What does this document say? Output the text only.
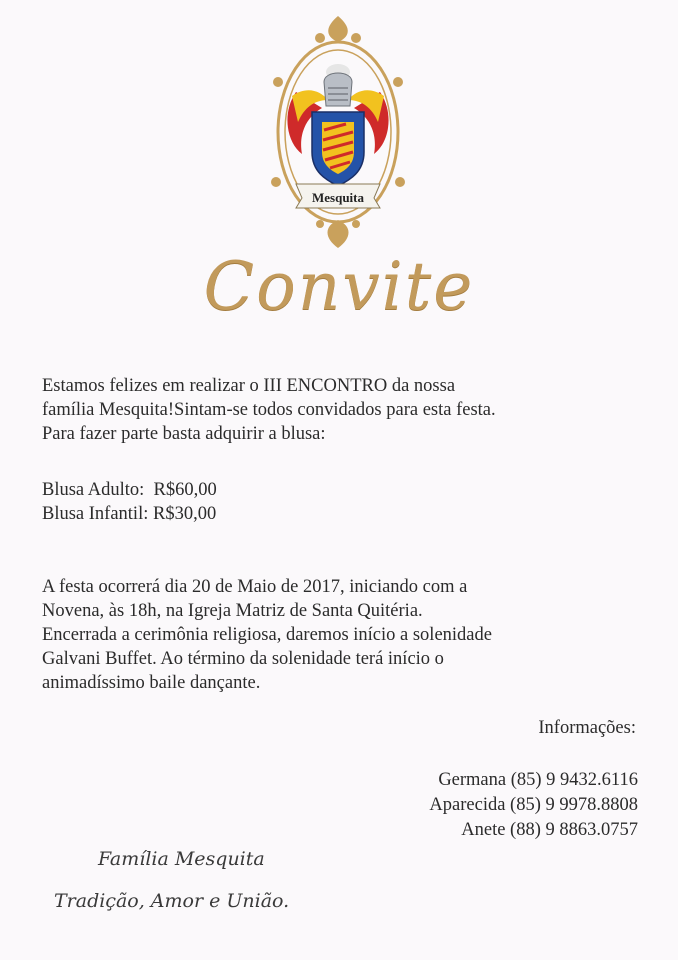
Mesquita
Convite

Estamos felizes em realizar o III ENCONTRO da nossa
família Mesquita!Sintam-se todos convidados para esta festa.
Para fazer parte basta adquirir a blusa:

Blusa Adulto: R$60,00
Blusa Infantil: R$30,00

A festa ocorrerá dia 20 de Maio de 2017, iniciando com a
Novena, às 18h, na Igreja Matriz de Santa Quitéria.
Encerrada a cerimônia religiosa, daremos início a solenidade
Galvani Buffet. Ao término da solenidade terá início o
animadíssimo baile dançante.

Informações:
Germana (85) 9 9432.6116
Aparecida (85) 9 9978.8808
Anete (88) 9 8863.0757
Família Mesquita
Tradição, Amor e União.
